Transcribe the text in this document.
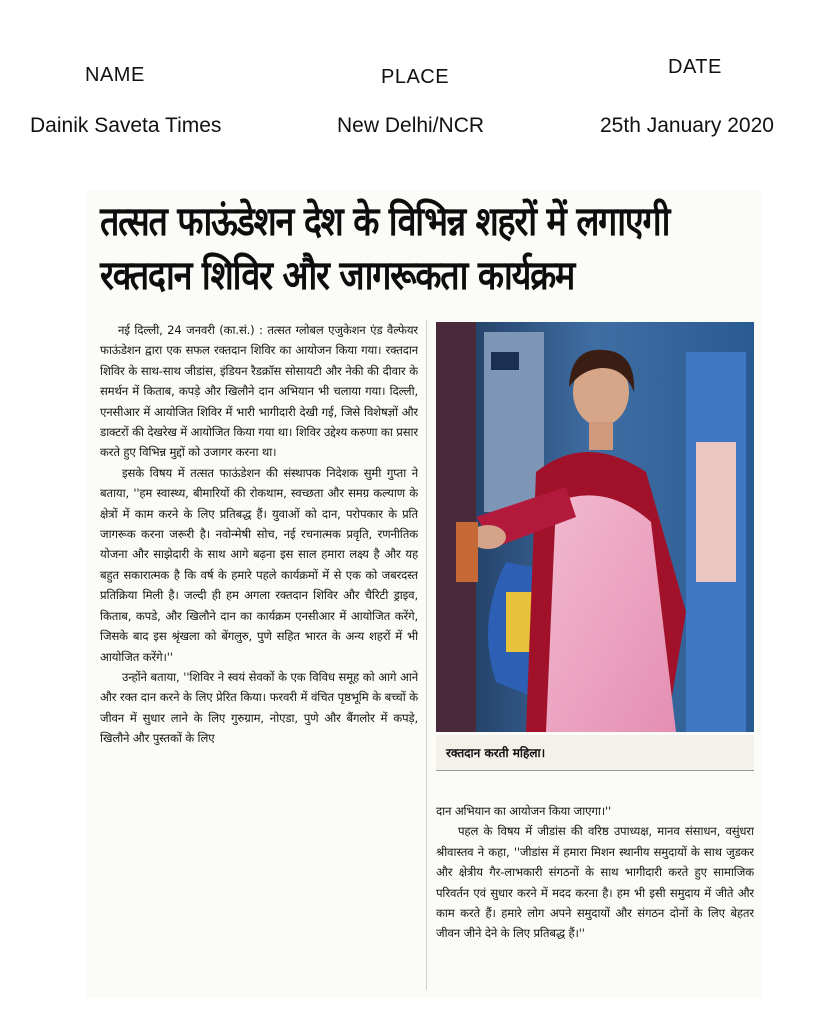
NAME	PLACE	DATE
Dainik Saveta Times	New Delhi/NCR	25th January 2020
तत्सत फाऊंडेशन देश के विभिन्न शहरों में लगाएगी
रक्तदान शिविर और जागरूकता कार्यक्रम

नई दिल्ली, 24 जनवरी (का.सं.) : तत्सत ग्लोबल एजुकेशन एंड वैल्फेयर फाऊंडेशन द्वारा एक सफल रक्तदान शिविर का आयोजन किया गया। रक्तदान शिविर के साथ-साथ जीडांस, इंडियन रैडक्रॉस सोसायटी और नेकी की दीवार के समर्थन में किताब, कपड़े और खिलौने दान अभियान भी चलाया गया। दिल्ली, एनसीआर में आयोजित शिविर में भारी भागीदारी देखी गई, जिसे विशेषज्ञों और डाक्टरों की देखरेख में आयोजित किया गया था। शिविर उद्देश्य करुणा का प्रसार करते हुए विभिन्न मुद्दों को उजागर करना था।

इसके विषय में तत्सत फाऊंडेशन की संस्थापक निदेशक सुमी गुप्ता ने बताया, ''हम स्वास्थ्य, बीमारियों की रोकथाम, स्वच्छता और समग्र कल्याण के क्षेत्रों में काम करने के लिए प्रतिबद्ध हैं। युवाओं को दान, परोपकार के प्रति जागरूक करना जरूरी है। नवोन्मेषी सोच, नई रचनात्मक प्रवृति, रणनीतिक योजना और साझेदारी के साथ आगे बढ़ना इस साल हमारा लक्ष्य है और यह बहुत सकारात्मक है कि वर्ष के हमारे पहले कार्यक्रमों में से एक को जबरदस्त प्रतिक्रिया मिली है। जल्दी ही हम अगला रक्तदान शिविर और चैरिटी ड्राइव, किताब, कपडे, और खिलौने दान का कार्यक्रम एनसीआर में आयोजित करेंगे, जिसके बाद इस श्रृंखला को बेंगलुरु, पुणे सहित भारत के अन्य शहरों में भी आयोजित करेंगे।''

उन्होंने बताया, ''शिविर ने स्वयं सेवकों के एक विविध समूह को आगे आने और रक्त दान करने के लिए प्रेरित किया। फरवरी में वंचित पृष्ठभूमि के बच्चों के जीवन में सुधार लाने के लिए गुरुग्राम, नोएडा, पुणे और बैंगलोर में कपड़े, खिलौने और पुस्तकों के लिए

रक्तदान करती महिला।

दान अभियान का आयोजन किया जाएगा।''

पहल के विषय में जीडांस की वरिष्ठ उपाध्यक्ष, मानव संसाधन, वसुंधरा श्रीवास्तव ने कहा, ''जीडांस में हमारा मिशन स्थानीय समुदायों के साथ जुडकर और क्षेत्रीय गैर-लाभकारी संगठनों के साथ भागीदारी करते हुए सामाजिक परिवर्तन एवं सुधार करने में मदद करना है। हम भी इसी समुदाय में जीते और काम करते हैं। हमारे लोग अपने समुदायों और संगठन दोनों के लिए बेहतर जीवन जीने देने के लिए प्रतिबद्ध हैं।''
